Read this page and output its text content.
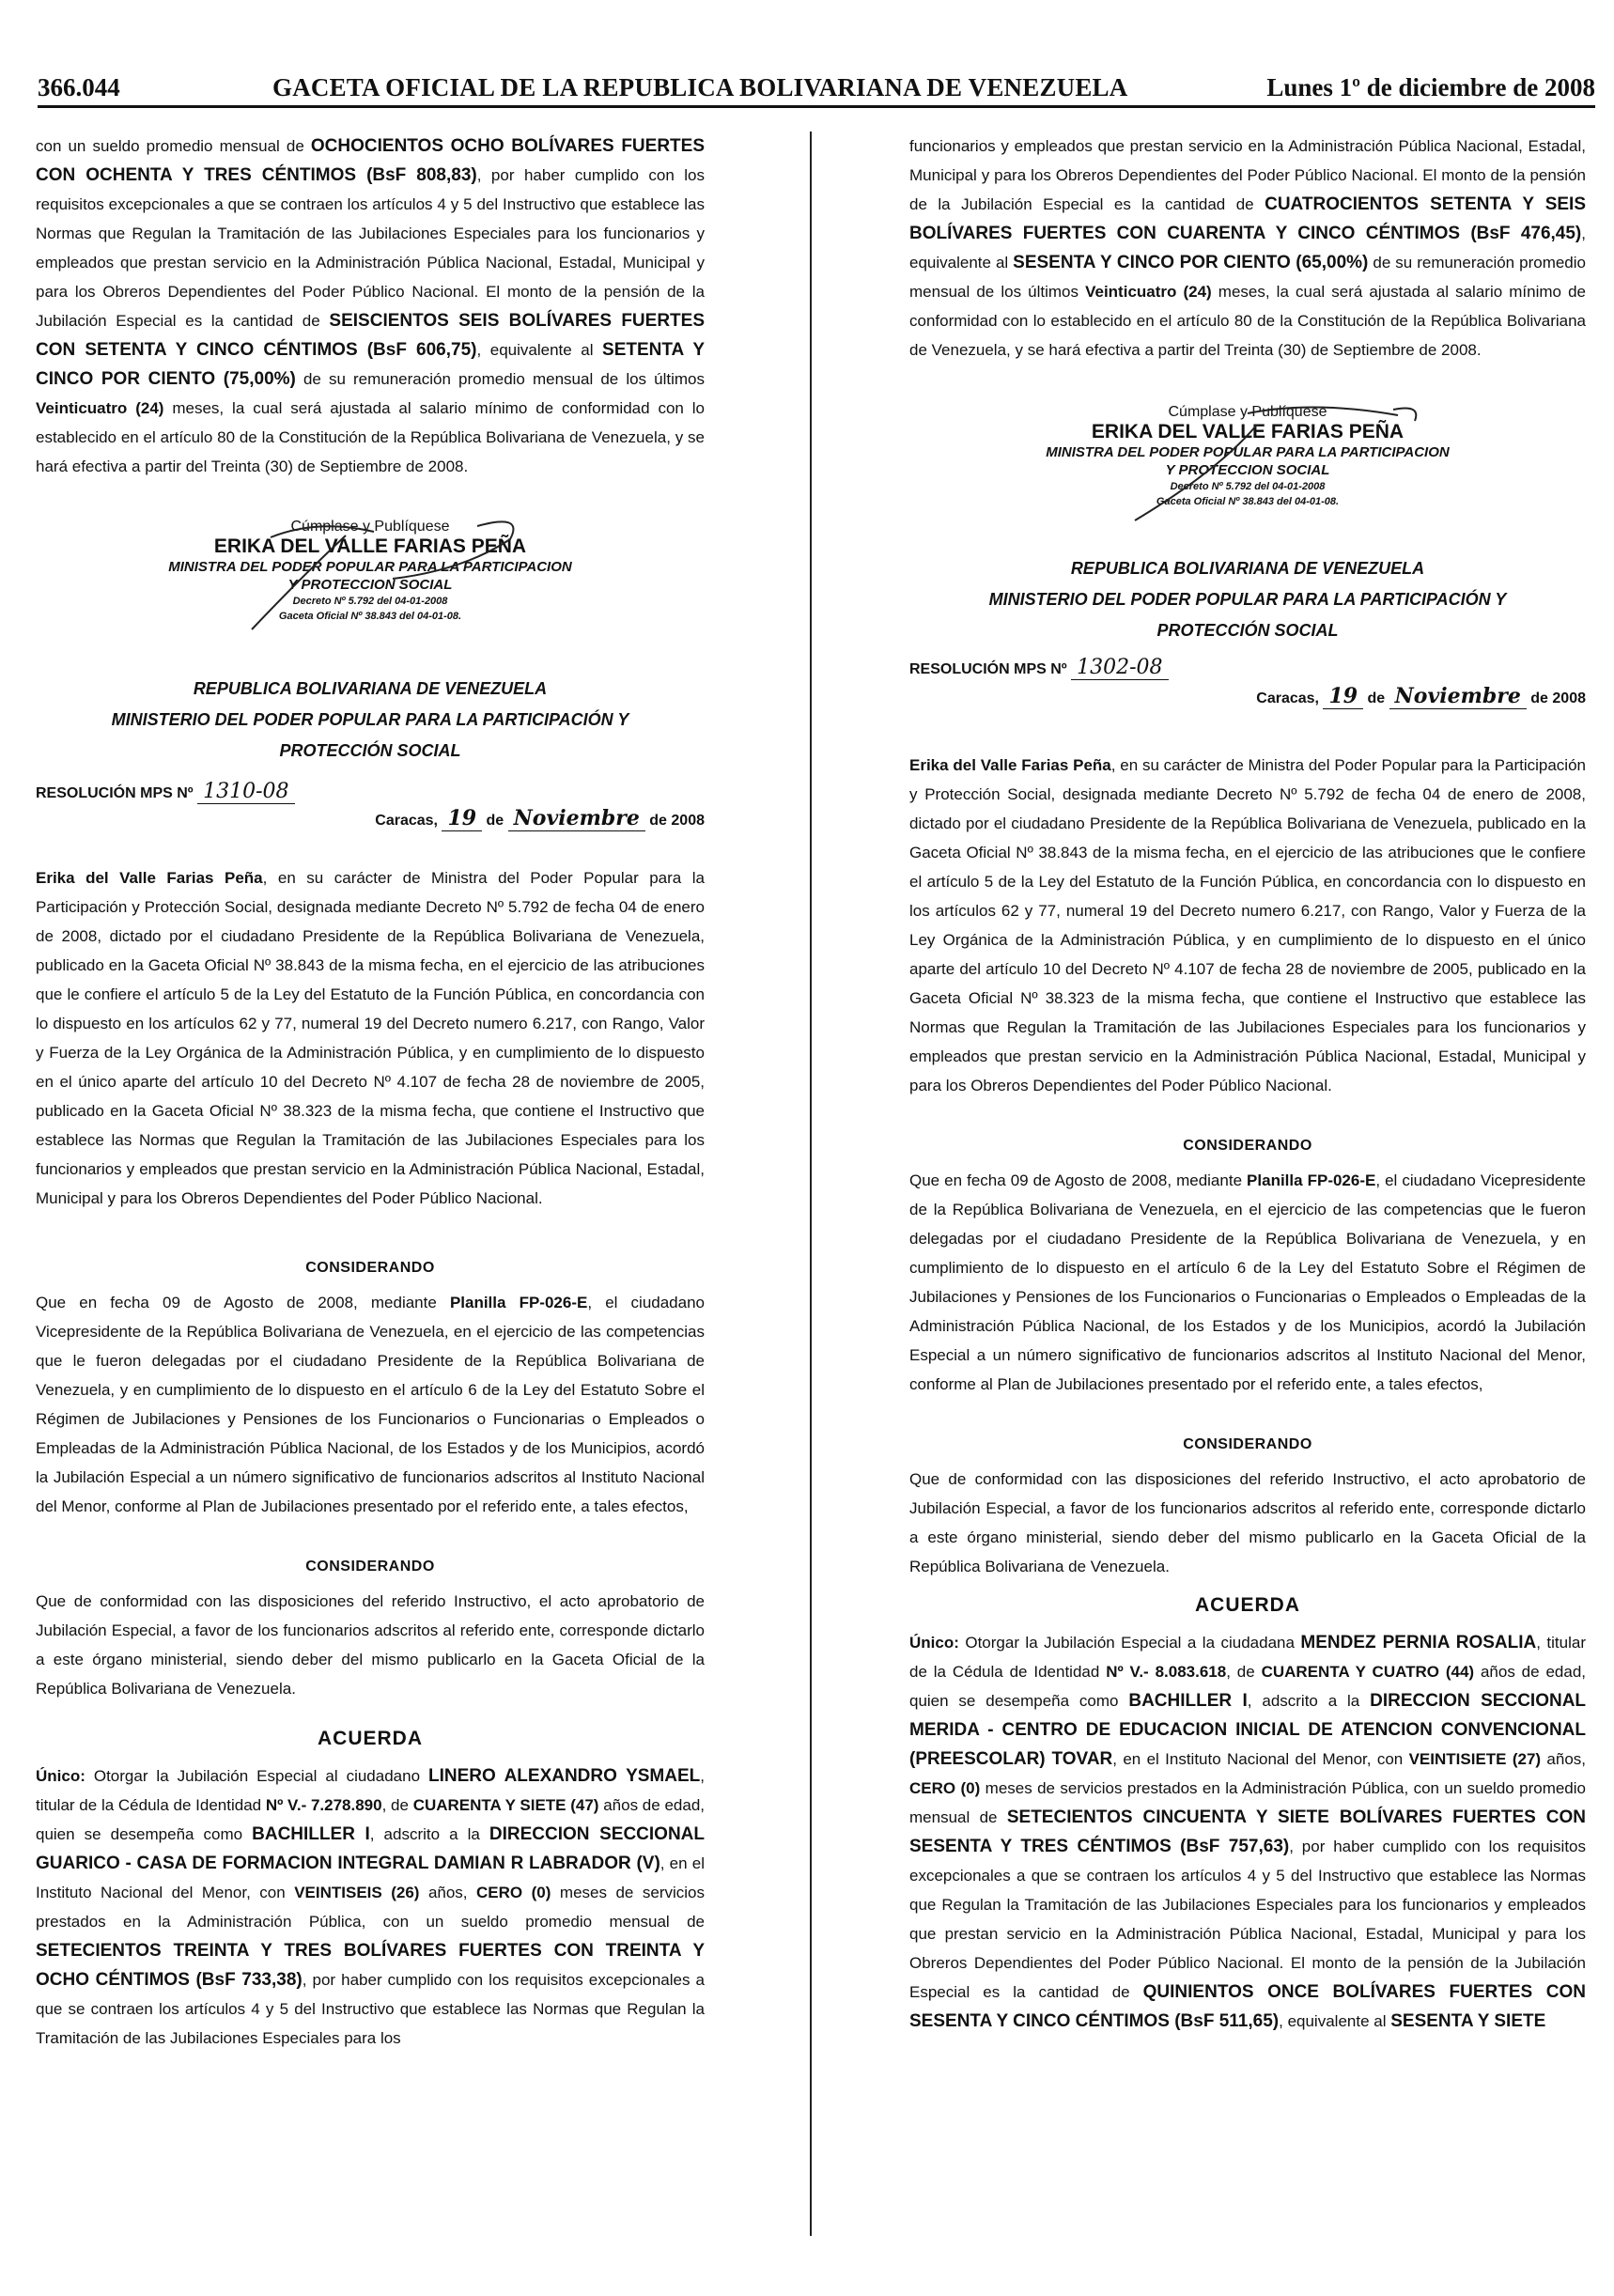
366.044	GACETA OFICIAL DE LA REPUBLICA BOLIVARIANA DE VENEZUELA	Lunes 1º de diciembre de 2008

con un sueldo promedio mensual de OCHOCIENTOS OCHO BOLÍVARES FUERTES CON OCHENTA Y TRES CÉNTIMOS (BsF 808,83), por haber cumplido con los requisitos excepcionales a que se contraen los artículos 4 y 5 del Instructivo que establece las Normas que Regulan la Tramitación de las Jubilaciones Especiales para los funcionarios y empleados que prestan servicio en la Administración Pública Nacional, Estadal, Municipal y para los Obreros Dependientes del Poder Público Nacional. El monto de la pensión de la Jubilación Especial es la cantidad de SEISCIENTOS SEIS BOLÍVARES FUERTES CON SETENTA Y CINCO CÉNTIMOS (BsF 606,75), equivalente al SETENTA Y CINCO POR CIENTO (75,00%) de su remuneración promedio mensual de los últimos Veinticuatro (24) meses, la cual será ajustada al salario mínimo de conformidad con lo establecido en el artículo 80 de la Constitución de la República Bolivariana de Venezuela, y se hará efectiva a partir del Treinta (30) de Septiembre de 2008.

Cúmplase y Publíquese
ERIKA DEL VALLE FARIAS PEÑA
MINISTRA DEL PODER POPULAR PARA LA PARTICIPACION
Y PROTECCION SOCIAL
Decreto Nº 5.792 del 04-01-2008
Gaceta Oficial Nº 38.843 del 04-01-08.
REPUBLICA BOLIVARIANA DE VENEZUELA
MINISTERIO DEL PODER POPULAR PARA LA PARTICIPACIÓN Y
PROTECCIÓN SOCIAL
RESOLUCIÓN MPS Nº 1310-08
Caracas, 19 de Noviembre de 2008

Erika del Valle Farias Peña, en su carácter de Ministra del Poder Popular para la Participación y Protección Social, designada mediante Decreto Nº 5.792 de fecha 04 de enero de 2008, dictado por el ciudadano Presidente de la República Bolivariana de Venezuela, publicado en la Gaceta Oficial Nº 38.843 de la misma fecha, en el ejercicio de las atribuciones que le confiere el artículo 5 de la Ley del Estatuto de la Función Pública, en concordancia con lo dispuesto en los artículos 62 y 77, numeral 19 del Decreto numero 6.217, con Rango, Valor y Fuerza de la Ley Orgánica de la Administración Pública, y en cumplimiento de lo dispuesto en el único aparte del artículo 10 del Decreto Nº 4.107 de fecha 28 de noviembre de 2005, publicado en la Gaceta Oficial Nº 38.323 de la misma fecha, que contiene el Instructivo que establece las Normas que Regulan la Tramitación de las Jubilaciones Especiales para los funcionarios y empleados que prestan servicio en la Administración Pública Nacional, Estadal, Municipal y para los Obreros Dependientes del Poder Público Nacional.

CONSIDERANDO

Que en fecha 09 de Agosto de 2008, mediante Planilla FP-026-E, el ciudadano Vicepresidente de la República Bolivariana de Venezuela, en el ejercicio de las competencias que le fueron delegadas por el ciudadano Presidente de la República Bolivariana de Venezuela, y en cumplimiento de lo dispuesto en el artículo 6 de la Ley del Estatuto Sobre el Régimen de Jubilaciones y Pensiones de los Funcionarios o Funcionarias o Empleados o Empleadas de la Administración Pública Nacional, de los Estados y de los Municipios, acordó la Jubilación Especial a un número significativo de funcionarios adscritos al Instituto Nacional del Menor, conforme al Plan de Jubilaciones presentado por el referido ente, a tales efectos,

CONSIDERANDO

Que de conformidad con las disposiciones del referido Instructivo, el acto aprobatorio de Jubilación Especial, a favor de los funcionarios adscritos al referido ente, corresponde dictarlo a este órgano ministerial, siendo deber del mismo publicarlo en la Gaceta Oficial de la República Bolivariana de Venezuela.

ACUERDA

Único: Otorgar la Jubilación Especial al ciudadano LINERO ALEXANDRO YSMAEL, titular de la Cédula de Identidad Nº V.- 7.278.890, de CUARENTA Y SIETE (47) años de edad, quien se desempeña como BACHILLER I, adscrito a la DIRECCION SECCIONAL GUARICO - CASA DE FORMACION INTEGRAL DAMIAN R LABRADOR (V), en el Instituto Nacional del Menor, con VEINTISEIS (26) años, CERO (0) meses de servicios prestados en la Administración Pública, con un sueldo promedio mensual de SETECIENTOS TREINTA Y TRES BOLÍVARES FUERTES CON TREINTA Y OCHO CÉNTIMOS (BsF 733,38), por haber cumplido con los requisitos excepcionales a que se contraen los artículos 4 y 5 del Instructivo que establece las Normas que Regulan la Tramitación de las Jubilaciones Especiales para los

funcionarios y empleados que prestan servicio en la Administración Pública Nacional, Estadal, Municipal y para los Obreros Dependientes del Poder Público Nacional. El monto de la pensión de la Jubilación Especial es la cantidad de CUATROCIENTOS SETENTA Y SEIS BOLÍVARES FUERTES CON CUARENTA Y CINCO CÉNTIMOS (BsF 476,45), equivalente al SESENTA Y CINCO POR CIENTO (65,00%) de su remuneración promedio mensual de los últimos Veinticuatro (24) meses, la cual será ajustada al salario mínimo de conformidad con lo establecido en el artículo 80 de la Constitución de la República Bolivariana de Venezuela, y se hará efectiva a partir del Treinta (30) de Septiembre de 2008.

Cúmplase y Publíquese
ERIKA DEL VALLE FARIAS PEÑA
MINISTRA DEL PODER POPULAR PARA LA PARTICIPACION
Y PROTECCION SOCIAL
Decreto Nº 5.792 del 04-01-2008
Gaceta Oficial Nº 38.843 del 04-01-08.
REPUBLICA BOLIVARIANA DE VENEZUELA
MINISTERIO DEL PODER POPULAR PARA LA PARTICIPACIÓN Y
PROTECCIÓN SOCIAL
RESOLUCIÓN MPS Nº 1302-08
Caracas, 19 de Noviembre de 2008

Erika del Valle Farias Peña, en su carácter de Ministra del Poder Popular para la Participación y Protección Social, designada mediante Decreto Nº 5.792 de fecha 04 de enero de 2008, dictado por el ciudadano Presidente de la República Bolivariana de Venezuela, publicado en la Gaceta Oficial Nº 38.843 de la misma fecha, en el ejercicio de las atribuciones que le confiere el artículo 5 de la Ley del Estatuto de la Función Pública, en concordancia con lo dispuesto en los artículos 62 y 77, numeral 19 del Decreto numero 6.217, con Rango, Valor y Fuerza de la Ley Orgánica de la Administración Pública, y en cumplimiento de lo dispuesto en el único aparte del artículo 10 del Decreto Nº 4.107 de fecha 28 de noviembre de 2005, publicado en la Gaceta Oficial Nº 38.323 de la misma fecha, que contiene el Instructivo que establece las Normas que Regulan la Tramitación de las Jubilaciones Especiales para los funcionarios y empleados que prestan servicio en la Administración Pública Nacional, Estadal, Municipal y para los Obreros Dependientes del Poder Público Nacional.

CONSIDERANDO

Que en fecha 09 de Agosto de 2008, mediante Planilla FP-026-E, el ciudadano Vicepresidente de la República Bolivariana de Venezuela, en el ejercicio de las competencias que le fueron delegadas por el ciudadano Presidente de la República Bolivariana de Venezuela, y en cumplimiento de lo dispuesto en el artículo 6 de la Ley del Estatuto Sobre el Régimen de Jubilaciones y Pensiones de los Funcionarios o Funcionarias o Empleados o Empleadas de la Administración Pública Nacional, de los Estados y de los Municipios, acordó la Jubilación Especial a un número significativo de funcionarios adscritos al Instituto Nacional del Menor, conforme al Plan de Jubilaciones presentado por el referido ente, a tales efectos,

CONSIDERANDO

Que de conformidad con las disposiciones del referido Instructivo, el acto aprobatorio de Jubilación Especial, a favor de los funcionarios adscritos al referido ente, corresponde dictarlo a este órgano ministerial, siendo deber del mismo publicarlo en la Gaceta Oficial de la República Bolivariana de Venezuela.

ACUERDA

Único: Otorgar la Jubilación Especial a la ciudadana MENDEZ PERNIA ROSALIA, titular de la Cédula de Identidad Nº V.- 8.083.618, de CUARENTA Y CUATRO (44) años de edad, quien se desempeña como BACHILLER I, adscrito a la DIRECCION SECCIONAL MERIDA - CENTRO DE EDUCACION INICIAL DE ATENCION CONVENCIONAL (PREESCOLAR) TOVAR, en el Instituto Nacional del Menor, con VEINTISIETE (27) años, CERO (0) meses de servicios prestados en la Administración Pública, con un sueldo promedio mensual de SETECIENTOS CINCUENTA Y SIETE BOLÍVARES FUERTES CON SESENTA Y TRES CÉNTIMOS (BsF 757,63), por haber cumplido con los requisitos excepcionales a que se contraen los artículos 4 y 5 del Instructivo que establece las Normas que Regulan la Tramitación de las Jubilaciones Especiales para los funcionarios y empleados que prestan servicio en la Administración Pública Nacional, Estadal, Municipal y para los Obreros Dependientes del Poder Público Nacional. El monto de la pensión de la Jubilación Especial es la cantidad de QUINIENTOS ONCE BOLÍVARES FUERTES CON SESENTA Y CINCO CÉNTIMOS (BsF 511,65), equivalente al SESENTA Y SIETE
